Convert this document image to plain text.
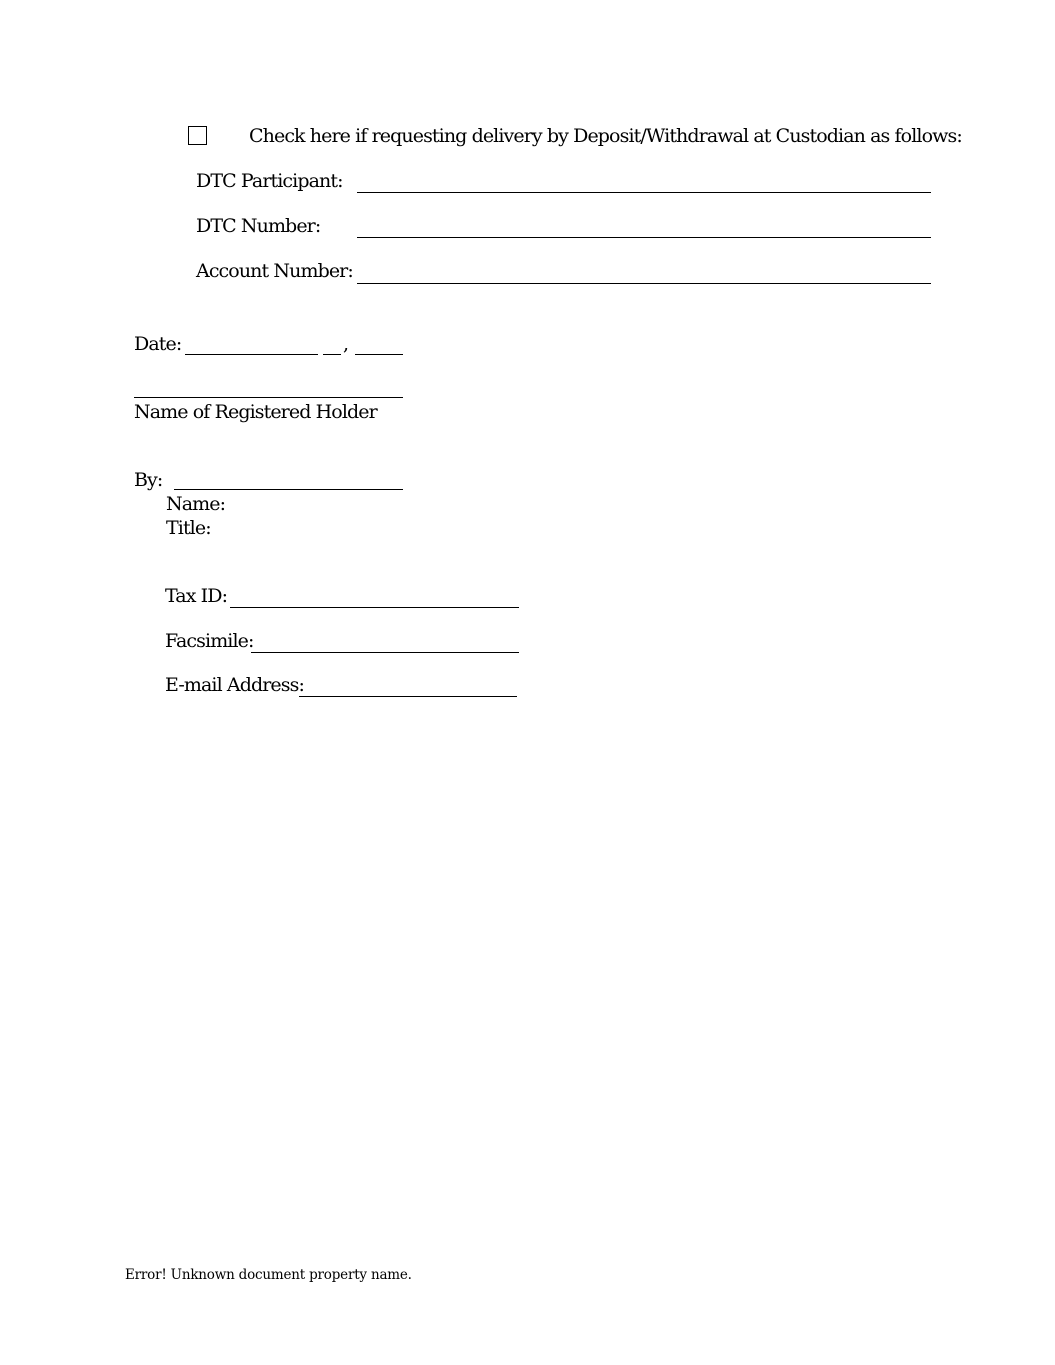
Check here if requesting delivery by Deposit/Withdrawal at Custodian as follows:
DTC Participant:
DTC Number:
Account Number:
Date:	,
Name of Registered Holder
By:
Name:
Title:
Tax ID:
Facsimile:
E-mail Address:
Error! Unknown document property name.
